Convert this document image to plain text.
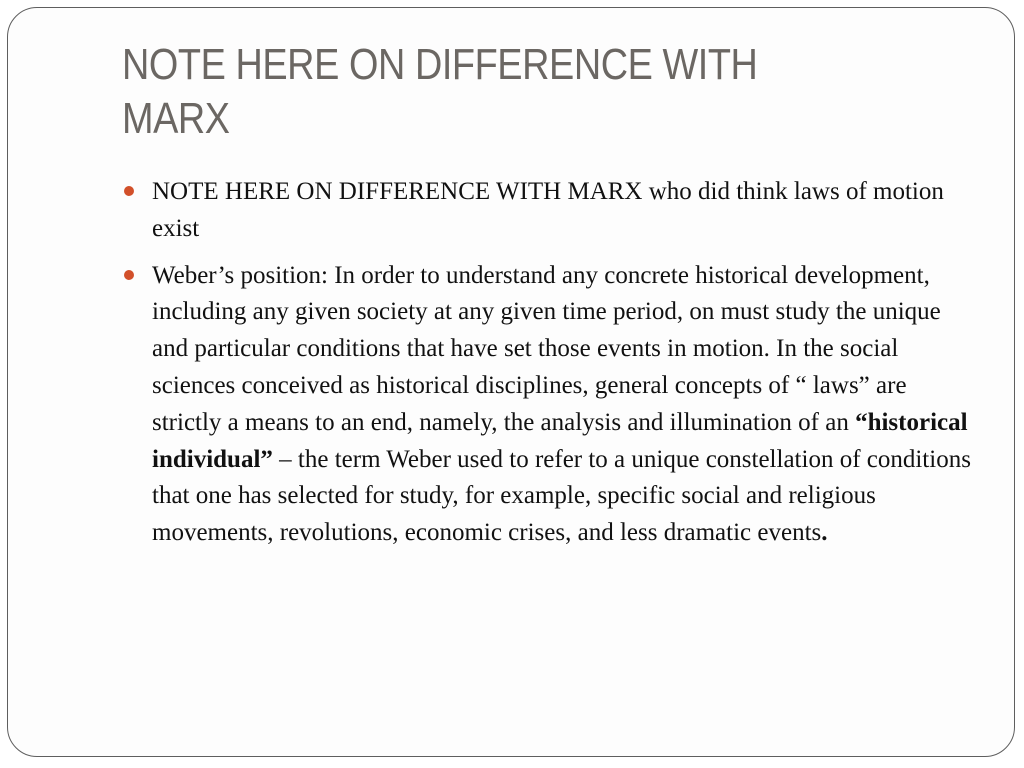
NOTE HERE ON DIFFERENCE WITH MARX
NOTE HERE ON DIFFERENCE WITH MARX who did think laws of motion exist
Weber’s position: In order to understand any concrete historical development, including any given society at any given time period, on must study the unique and particular conditions that have set those events in motion. In the social sciences conceived as historical disciplines, general concepts of “ laws” are strictly a means to an end, namely, the analysis and illumination of an “historical individual” – the term Weber used to refer to a unique constellation of conditions that one has selected for study, for example, specific social and religious movements, revolutions, economic crises, and less dramatic events.
